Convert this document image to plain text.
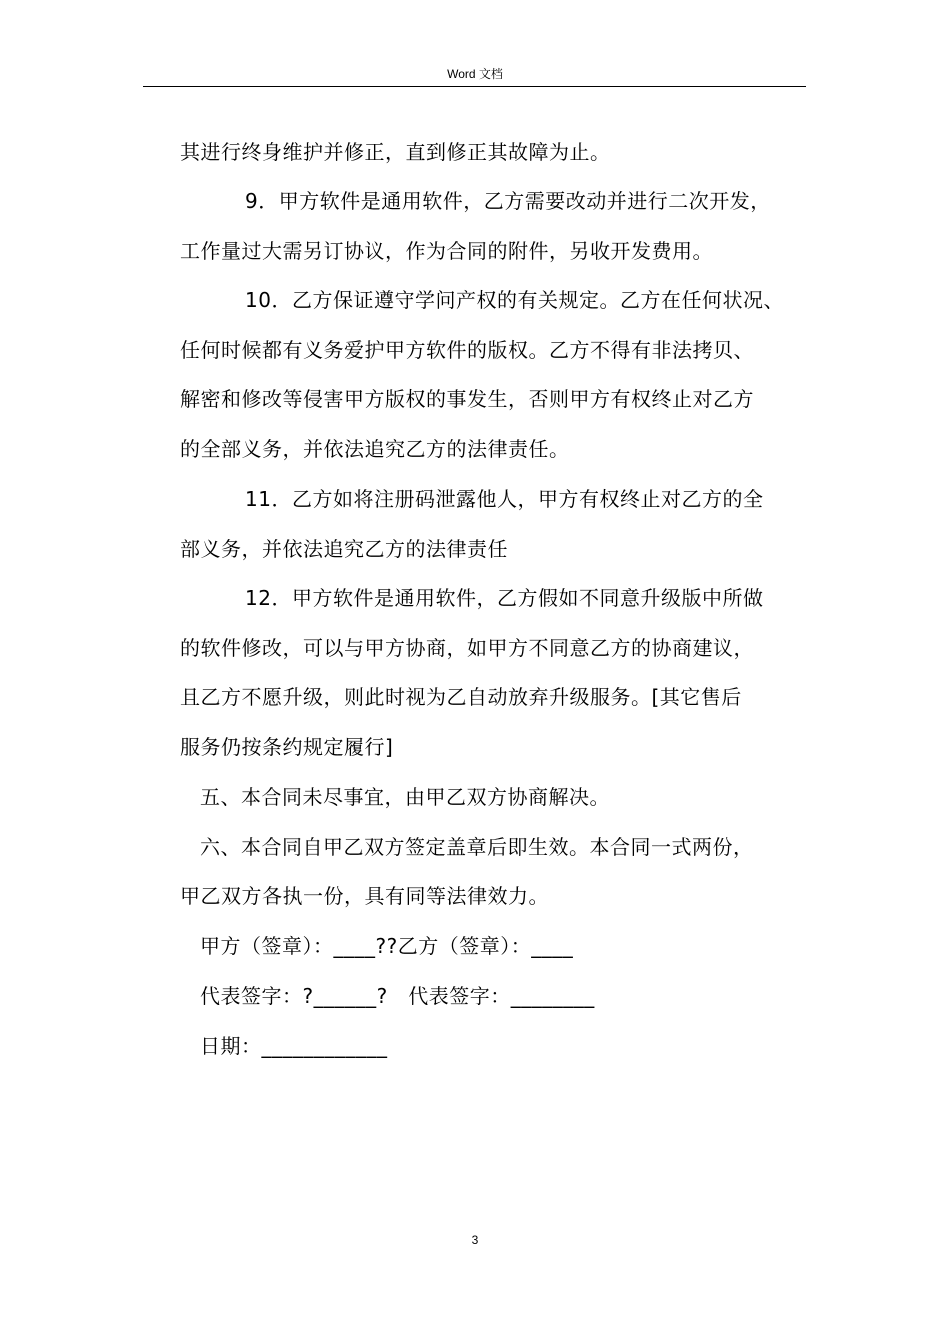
Word 文档
其进行终身维护并修正，直到修正其故障为止。
9．甲方软件是通用软件，乙方需要改动并进行二次开发，
工作量过大需另订协议，作为合同的附件，另收开发费用。
10．乙方保证遵守学问产权的有关规定。乙方在任何状况、
任何时候都有义务爱护甲方软件的版权。乙方不得有非法拷贝、
解密和修改等侵害甲方版权的事发生，否则甲方有权终止对乙方
的全部义务，并依法追究乙方的法律责任。
11．乙方如将注册码泄露他人，甲方有权终止对乙方的全
部义务，并依法追究乙方的法律责任
12．甲方软件是通用软件，乙方假如不同意升级版中所做
的软件修改，可以与甲方协商，如甲方不同意乙方的协商建议，
且乙方不愿升级，则此时视为乙自动放弃升级服务。[其它售后
服务仍按条约规定履行]
五、本合同未尽事宜，由甲乙双方协商解决。
六、本合同自甲乙双方签定盖章后即生效。本合同一式两份，
甲乙双方各执一份，具有同等法律效力。
甲方（签章）：____??乙方（签章）：____
代表签字：?______?　代表签字：________
日期：____________
3
